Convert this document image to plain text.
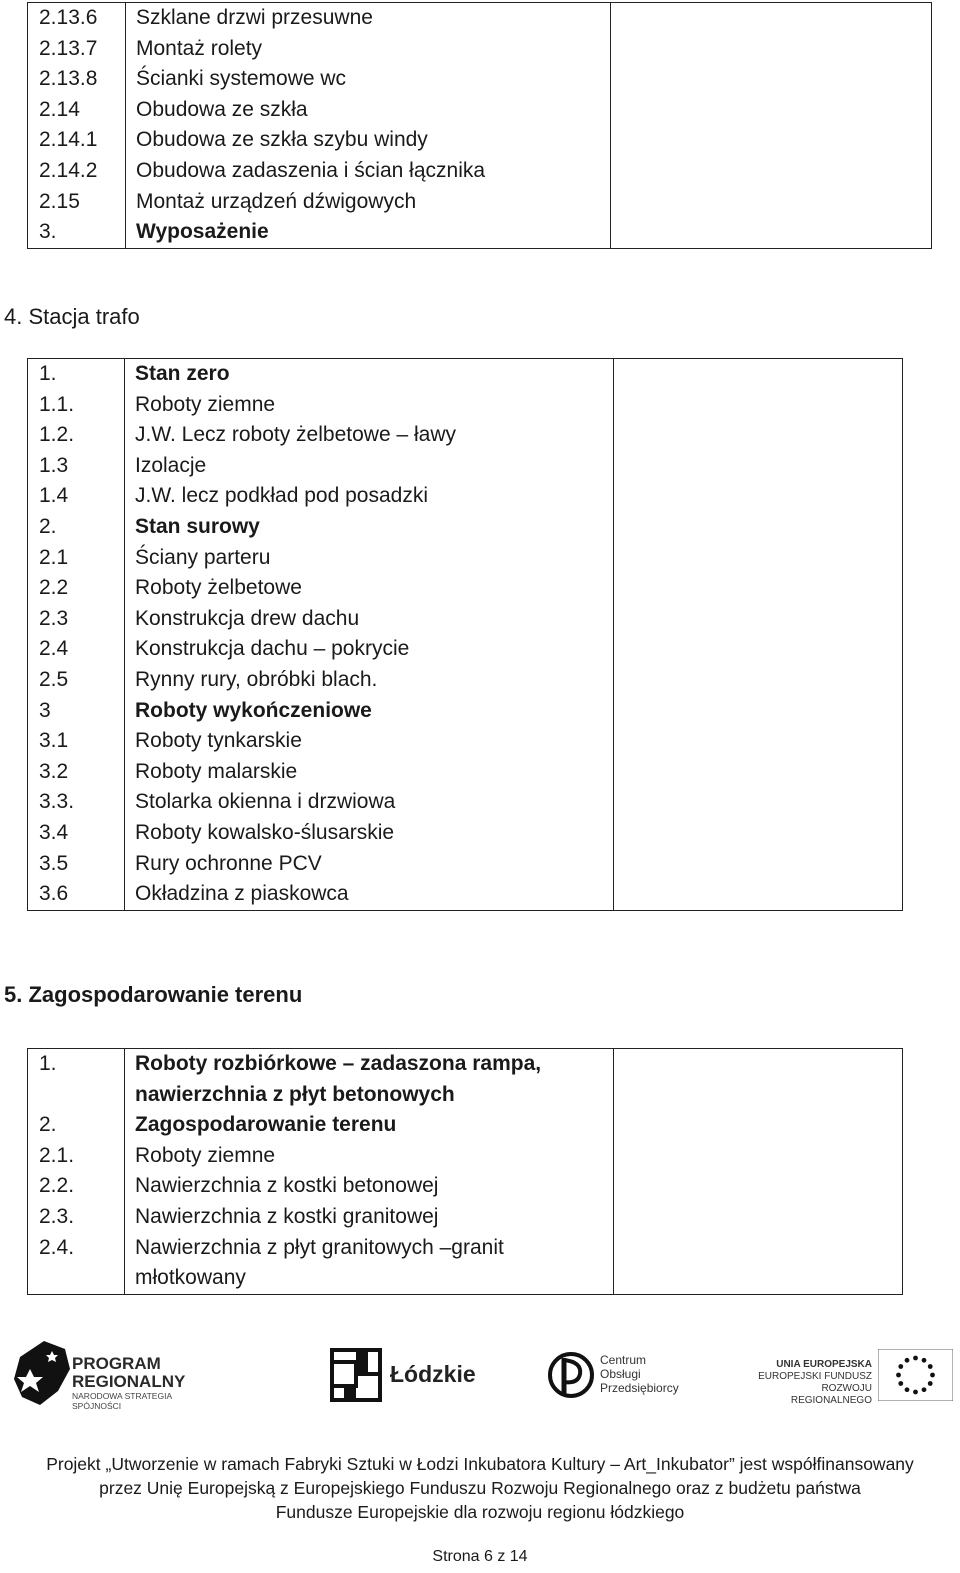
2.13.6	Szklane drzwi przesuwne	
2.13.7	Montaż rolety	
2.13.8	Ścianki systemowe wc	
2.14	Obudowa ze szkła	
2.14.1	Obudowa ze szkła szybu windy	
2.14.2	Obudowa zadaszenia i ścian łącznika	
2.15	Montaż urządzeń dźwigowych	
3.	Wyposażenie	
4. Stacja trafo
1.	Stan zero	
1.1.	Roboty ziemne	
1.2.	J.W. Lecz roboty żelbetowe – ławy	
1.3	Izolacje	
1.4	J.W. lecz podkład pod posadzki	
2.	Stan surowy	
2.1	Ściany parteru	
2.2	Roboty żelbetowe	
2.3	Konstrukcja drew dachu	
2.4	Konstrukcja dachu – pokrycie	
2.5	Rynny rury, obróbki blach.	
3	Roboty wykończeniowe	
3.1	Roboty tynkarskie	
3.2	Roboty malarskie	
3.3.	Stolarka okienna i drzwiowa	
3.4	Roboty kowalsko-ślusarskie	
3.5	Rury ochronne PCV	
3.6	Okładzina z piaskowca	
5. Zagospodarowanie terenu
1.	Roboty rozbiórkowe – zadaszona rampa, nawierzchnia z płyt betonowych	
2.	Zagospodarowanie terenu	
2.1.	Roboty ziemne	
2.2.	Nawierzchnia z kostki betonowej	
2.3.	Nawierzchnia z kostki granitowej	
2.4.	Nawierzchnia z płyt granitowych –granit młotkowany	
PROGRAM
REGIONALNY
NARODOWA STRATEGIA SPÓJNOŚCI
Łódzkie
Centrum
Obsługi
Przedsiębiorcy
UNIA EUROPEJSKA
EUROPEJSKI FUNDUSZ
ROZWOJU REGIONALNEGO
Projekt „Utworzenie w ramach Fabryki Sztuki w Łodzi Inkubatora Kultury – Art_Inkubator” jest współfinansowany
przez Unię Europejską z Europejskiego Funduszu Rozwoju Regionalnego oraz z budżetu państwa
Fundusze Europejskie dla rozwoju regionu łódzkiego
Strona 6 z 14
